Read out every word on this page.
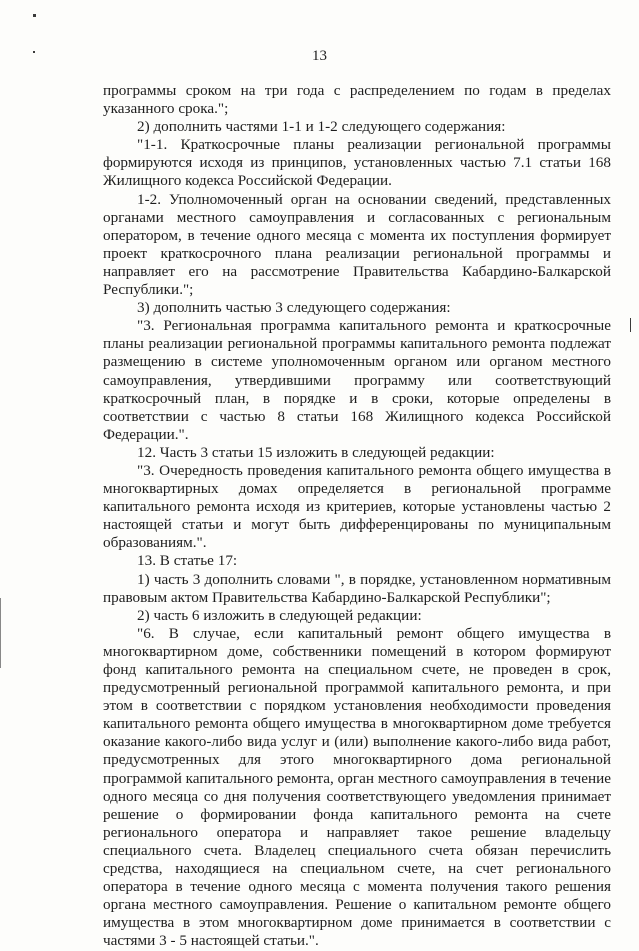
13

программы сроком на три года с распределением по годам в пределах указанного срока.";

2) дополнить частями 1-1 и 1-2 следующего содержания:

"1-1. Краткосрочные планы реализации региональной программы формируются исходя из принципов, установленных частью 7.1 статьи 168 Жилищного кодекса Российской Федерации.

1-2. Уполномоченный орган на основании сведений, представленных органами местного самоуправления и согласованных с региональным оператором, в течение одного месяца с момента их поступления формирует проект краткосрочного плана реализации региональной программы и направляет его на рассмотрение Правительства Кабардино-Балкарской Республики.";

3) дополнить частью 3 следующего содержания:

"3. Региональная программа капитального ремонта и краткосрочные планы реализации региональной программы капитального ремонта подлежат размещению в системе уполномоченным органом или органом местного самоуправления, утвердившими программу или соответствующий краткосрочный план, в порядке и в сроки, которые определены в соответствии с частью 8 статьи 168 Жилищного кодекса Российской Федерации.".

12. Часть 3 статьи 15 изложить в следующей редакции:

"3. Очередность проведения капитального ремонта общего имущества в многоквартирных домах определяется в региональной программе капитального ремонта исходя из критериев, которые установлены частью 2 настоящей статьи и могут быть дифференцированы по муниципальным образованиям.".

13. В статье 17:

1) часть 3 дополнить словами ", в порядке, установленном нормативным правовым актом Правительства Кабардино-Балкарской Республики";

2) часть 6 изложить в следующей редакции:

"6. В случае, если капитальный ремонт общего имущества в многоквартирном доме, собственники помещений в котором формируют фонд капитального ремонта на специальном счете, не проведен в срок, предусмотренный региональной программой капитального ремонта, и при этом в соответствии с порядком установления необходимости проведения капитального ремонта общего имущества в многоквартирном доме требуется оказание какого-либо вида услуг и (или) выполнение какого-либо вида работ, предусмотренных для этого многоквартирного дома региональной программой капитального ремонта, орган местного самоуправления в течение одного месяца со дня получения соответствующего уведомления принимает решение о формировании фонда капитального ремонта на счете регионального оператора и направляет такое решение владельцу специального счета. Владелец специального счета обязан перечислить средства, находящиеся на специальном счете, на счет регионального оператора в течение одного месяца с момента получения такого решения органа местного самоуправления. Решение о капитальном ремонте общего имущества в этом многоквартирном доме принимается в соответствии с частями 3 - 5 настоящей статьи.".
